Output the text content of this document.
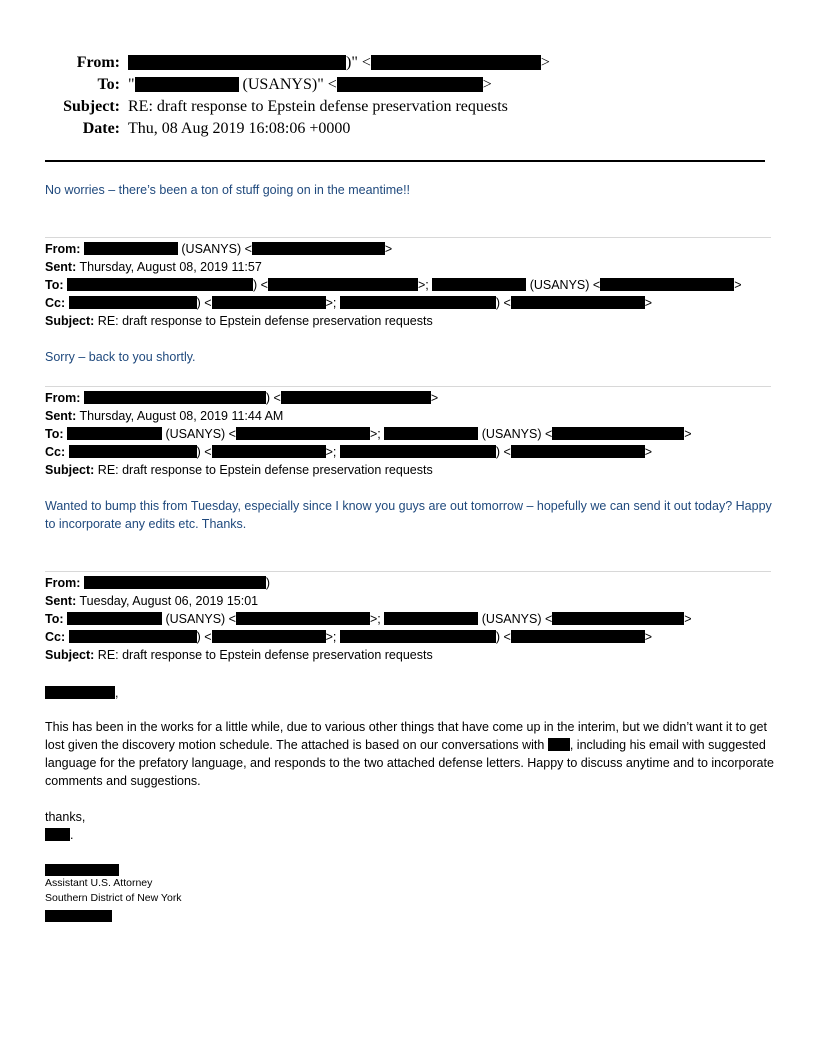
From:	)" <	>
To: "	(USANYS)" <	>
Subject: RE: draft response to Epstein defense preservation requests
Date: Thu, 08 Aug 2019 16:08:06 +0000
No worries – there’s been a ton of stuff going on in the meantime!!
From:	(USANYS) <	>
Sent: Thursday, August 08, 2019 11:57
To:	) <	>;	(USANYS) <	>
Cc:	) <	>;	) <	>
Subject: RE: draft response to Epstein defense preservation requests
Sorry – back to you shortly.
From:	) <	>
Sent: Thursday, August 08, 2019 11:44 AM
To:	(USANYS) <	>;	(USANYS) <	>
Cc:	) <	>;	) <	>
Subject: RE: draft response to Epstein defense preservation requests
Wanted to bump this from Tuesday, especially since I know you guys are out tomorrow – hopefully we can send it out today? Happy to incorporate any edits etc. Thanks.
From:	)
Sent: Tuesday, August 06, 2019 15:01
To:	(USANYS) <	>;	(USANYS) <	>
Cc:	) <	>;	) <	>
Subject: RE: draft response to Epstein defense preservation requests
,
This has been in the works for a little while, due to various other things that have come up in the interim, but we didn’t want it to get lost given the discovery motion schedule. The attached is based on our conversations with , including his email with suggested language for the prefatory language, and responds to the two attached defense letters. Happy to discuss anytime and to incorporate comments and suggestions.
thanks,
.
Assistant U.S. Attorney
Southern District of New York
